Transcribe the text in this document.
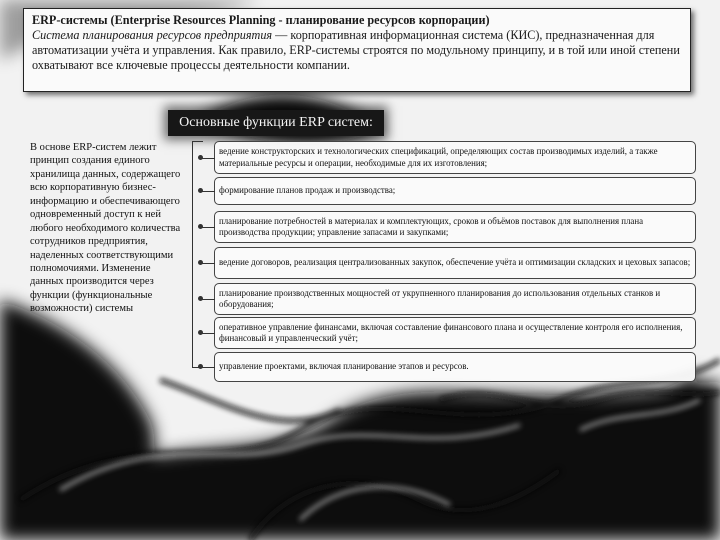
ERP-системы (Enterprise Resources Planning - планирование ресурсов корпорации)
Система планирования ресурсов предприятия — корпоративная информационная система (КИС), предназначенная для автоматизации учёта и управления. Как правило, ERP-системы строятся по модульному принципу, и в той или иной степени охватывают все ключевые процессы деятельности компании.
Основные функции ERP систем:
В основе ERP-систем лежит принцип создания единого хранилища данных, содержащего всю корпоративную бизнес-информацию и обеспечивающего одновременный доступ к ней любого необходимого количества сотрудников предприятия, наделенных соответствующими полномочиями. Изменение данных производится через функции (функциональные возможности) системы
ведение конструкторских и технологических спецификаций, определяющих состав производимых изделий, а также материальные ресурсы и операции, необходимые для их изготовления;
формирование планов продаж и производства;
планирование потребностей в материалах и комплектующих, сроков и объёмов поставок для выполнения плана производства продукции; управление запасами и закупками;
ведение договоров, реализация централизованных закупок, обеспечение учёта и оптимизации складских и цеховых запасов;
планирование производственных мощностей от укрупненного планирования до использования отдельных станков и оборудования;
оперативное управление финансами, включая составление финансового плана и осуществление контроля его исполнения, финансовый и управленческий учёт;
управление проектами, включая планирование этапов и ресурсов.
